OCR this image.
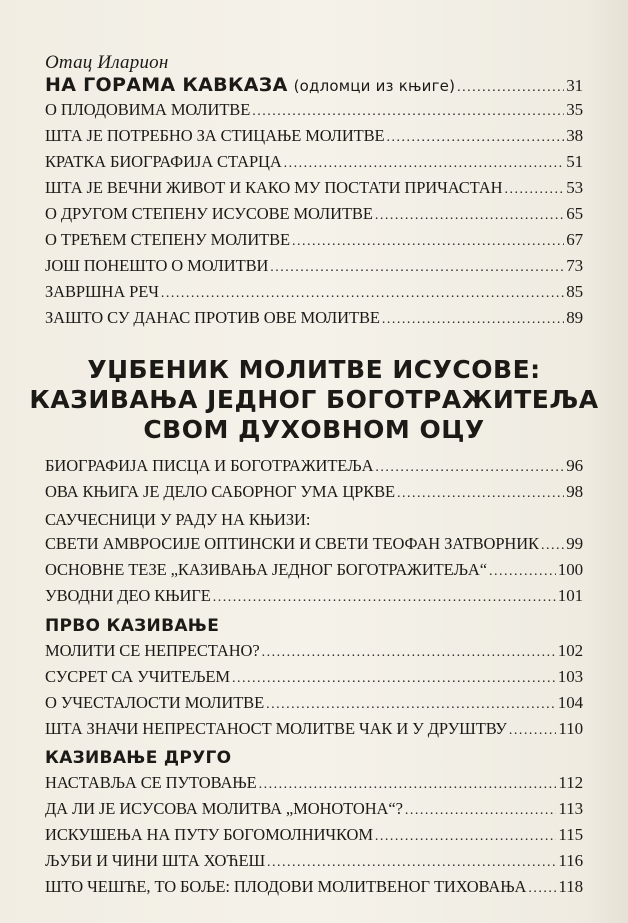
Отац Иларион
НА ГОРАМА КАВКАЗА (одломци из књиге) .....	31
О ПЛОДОВИМА МОЛИТВЕ .....	35
ШТА ЈЕ ПОТРЕБНО ЗА СТИЦАЊЕ МОЛИТВЕ .....	38
КРАТКА БИОГРАФИЈА СТАРЦА .....	51
ШТА ЈЕ ВЕЧНИ ЖИВОТ И КАКО МУ ПОСТАТИ ПРИЧАСТАН .....	53
О ДРУГОМ СТЕПЕНУ ИСУСОВЕ МОЛИТВЕ .....	65
О ТРЕЋЕМ СТЕПЕНУ МОЛИТВЕ .....	67
ЈОШ ПОНЕШТО О МОЛИТВИ .....	73
ЗАВРШНА РЕЧ .....	85
ЗАШТО СУ ДАНАС ПРОТИВ ОВЕ МОЛИТВЕ .....	89
УЏБЕНИК МОЛИТВЕ ИСУСОВЕ:
КАЗИВАЊА ЈЕДНОГ БОГОТРАЖИТЕЉА
СВОМ ДУХОВНОМ ОЦУ
БИОГРАФИЈА ПИСЦА И БОГОТРАЖИТЕЉА .....	96
ОВА КЊИГА ЈЕ ДЕЛО САБОРНОГ УМА ЦРКВЕ .....	98
САУЧЕСНИЦИ У РАДУ НА КЊИЗИ:
СВЕТИ АМВРОСИЈЕ ОПТИНСКИ И СВЕТИ ТЕОФАН ЗАТВОРНИК ..... 99
ОСНОВНЕ ТЕЗЕ „КАЗИВАЊА ЈЕДНОГ БОГОТРАЖИТЕЉА“ .....	100
УВОДНИ ДЕО КЊИГЕ .....	101
ПРВО КАЗИВАЊЕ
МОЛИТИ СЕ НЕПРЕСТАНО? .....	102
СУСРЕТ СА УЧИТЕЉЕМ .....	103
О УЧЕСТАЛОСТИ МОЛИТВЕ .....	104
ШТА ЗНАЧИ НЕПРЕСТАНОСТ МОЛИТВЕ ЧАК И У ДРУШТВУ .....	110
КАЗИВАЊЕ ДРУГО
НАСТАВЉА СЕ ПУТОВАЊЕ .....	112
ДА ЛИ ЈЕ ИСУСОВА МОЛИТВА „МОНОТОНА“? .....	113
ИСКУШЕЊА НА ПУТУ БОГОМОЛНИЧКОМ .....	115
ЉУБИ И ЧИНИ ШТА ХОЋЕШ .....	116
ШТО ЧЕШЋЕ, ТО БОЉЕ: ПЛОДОВИ МОЛИТВЕНОГ ТИХОВАЊА ..... 118
